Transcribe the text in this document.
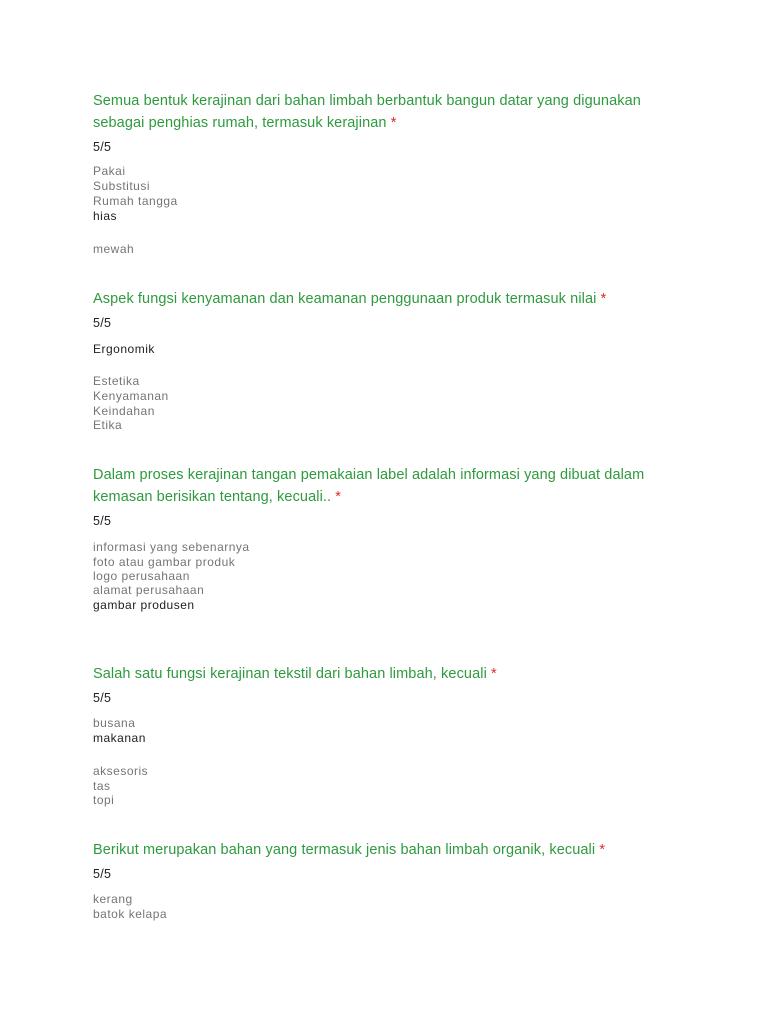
Semua bentuk kerajinan dari bahan limbah berbantuk bangun datar yang digunakan sebagai penghias rumah, termasuk kerajinan *
5/5
Pakai
Substitusi
Rumah tangga
hias
mewah
Aspek fungsi kenyamanan dan keamanan penggunaan produk termasuk nilai *
5/5
Ergonomik
Estetika
Kenyamanan
Keindahan
Etika
Dalam proses kerajinan tangan pemakaian label adalah informasi yang dibuat dalam kemasan berisikan tentang, kecuali.. *
5/5
informasi yang sebenarnya
foto atau gambar produk
logo perusahaan
alamat perusahaan
gambar produsen
Salah satu fungsi kerajinan tekstil dari bahan limbah, kecuali *
5/5
busana
makanan
aksesoris
tas
topi
Berikut merupakan bahan yang termasuk jenis bahan limbah organik, kecuali *
5/5
kerang
batok kelapa
